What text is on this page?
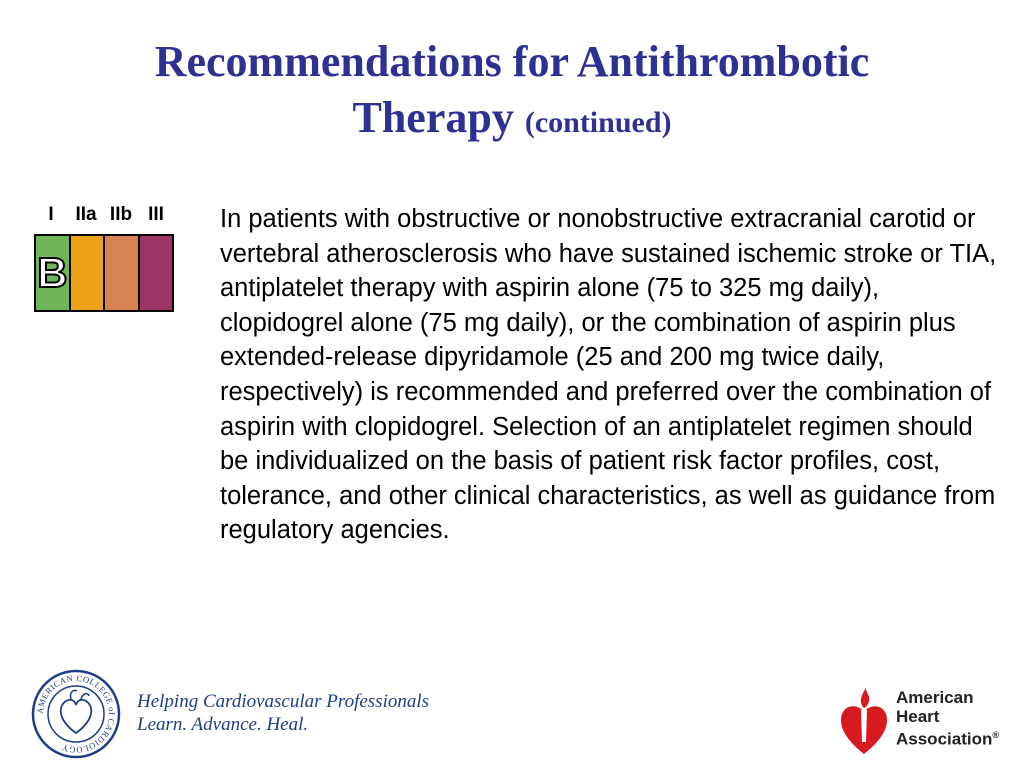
Recommendations for Antithrombotic
Therapy (continued)
I IIa IIb III
B
In patients with obstructive or nonobstructive extracranial carotid or vertebral atherosclerosis who have sustained ischemic stroke or TIA, antiplatelet therapy with aspirin alone (75 to 325 mg daily), clopidogrel alone (75 mg daily), or the combination of aspirin plus extended-release dipyridamole (25 and 200 mg twice daily, respectively) is recommended and preferred over the combination of aspirin with clopidogrel. Selection of an antiplatelet regimen should be individualized on the basis of patient risk factor profiles, cost, tolerance, and other clinical characteristics, as well as guidance from regulatory agencies.
AMERICAN COLLEGE of CARDIOLOGY
Helping Cardiovascular Professionals
Learn. Advance. Heal.
American
Heart
Association®
